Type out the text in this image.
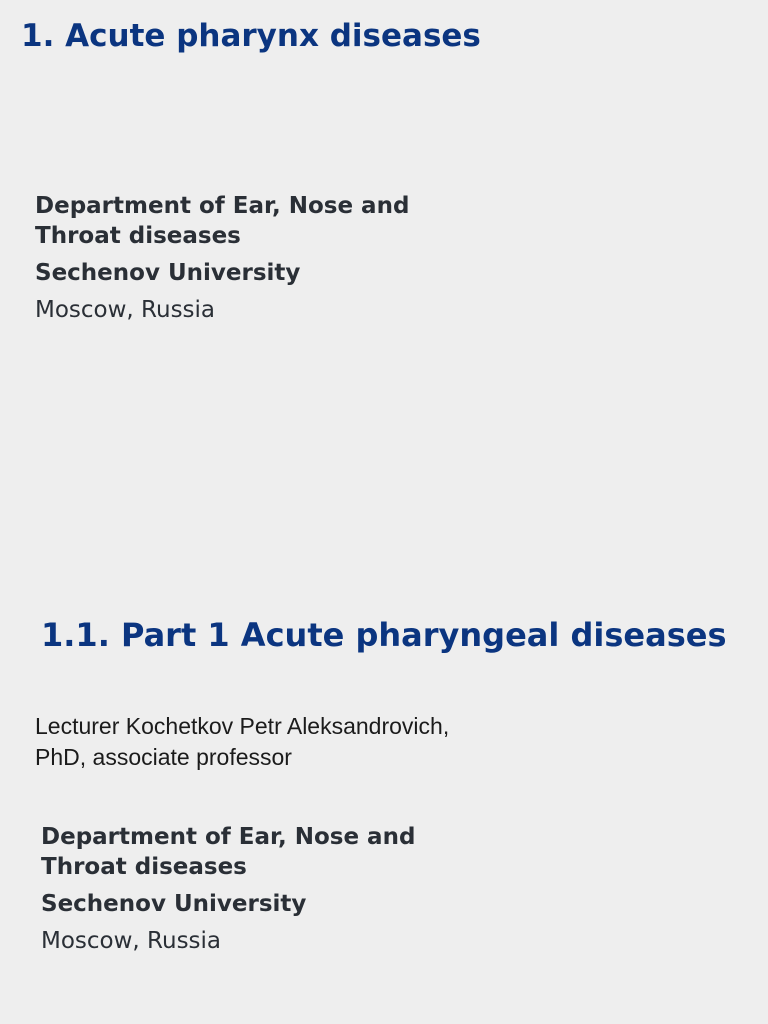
1. Acute pharynx diseases
Department of Ear, Nose and Throat diseases
Sechenov University
Moscow, Russia
1.1. Part 1 Acute pharyngeal diseases
Lecturer Kochetkov Petr Aleksandrovich,
PhD, associate professor
Department of Ear, Nose and Throat diseases
Sechenov University
Moscow, Russia
